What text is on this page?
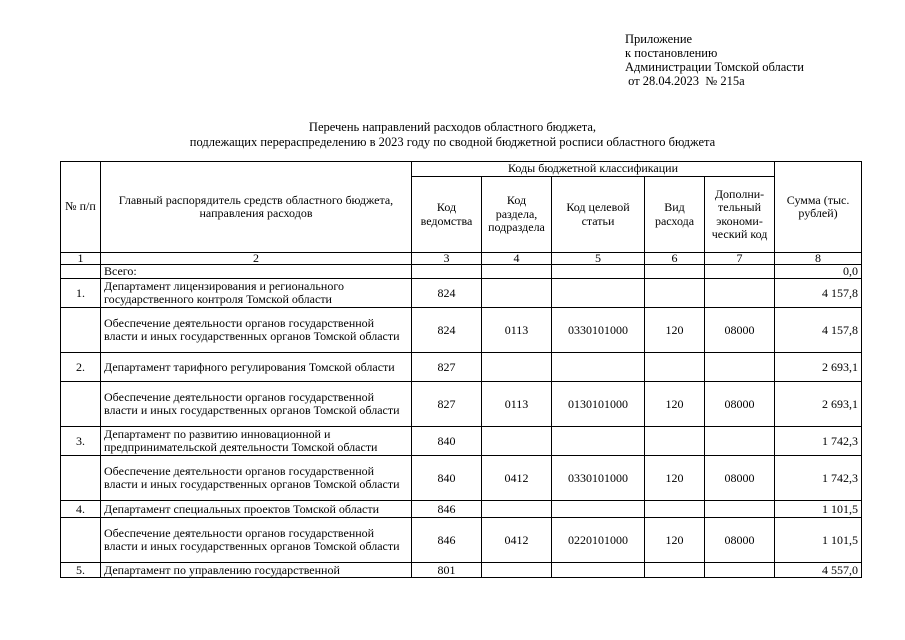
Приложение
к постановлению
Администрации Томской области
от 28.04.2023  № 215а
Перечень направлений расходов областного бюджета,
подлежащих перераспределению в 2023 году по сводной бюджетной росписи областного бюджета
№ п/п	Главный распорядитель средств областного бюджета, направления расходов	Коды бюджетной классификации					Сумма (тыс. рублей)
		Код ведомства	Код раздела, подраздела	Код целевой статьи	Вид расхода	Дополни-тельный экономи-ческий код	
1	2	3	4	5	6	7	8
	Всего:						0,0
1.	Департамент лицензирования и регионального государственного контроля Томской области	824					4 157,8
	Обеспечение деятельности органов государственной власти и иных государственных органов Томской области	824	0113	0330101000	120	08000	4 157,8
2.	Департамент тарифного регулирования Томской области	827					2 693,1
	Обеспечение деятельности органов государственной власти и иных государственных органов Томской области	827	0113	0130101000	120	08000	2 693,1
3.	Департамент по развитию инновационной и предпринимательской деятельности Томской области	840					1 742,3
	Обеспечение деятельности органов государственной власти и иных государственных органов Томской области	840	0412	0330101000	120	08000	1 742,3
4.	Департамент специальных проектов Томской области	846					1 101,5
	Обеспечение деятельности органов государственной власти и иных государственных органов Томской области	846	0412	0220101000	120	08000	1 101,5
5.	Департамент по управлению государственной	801					4 557,0
